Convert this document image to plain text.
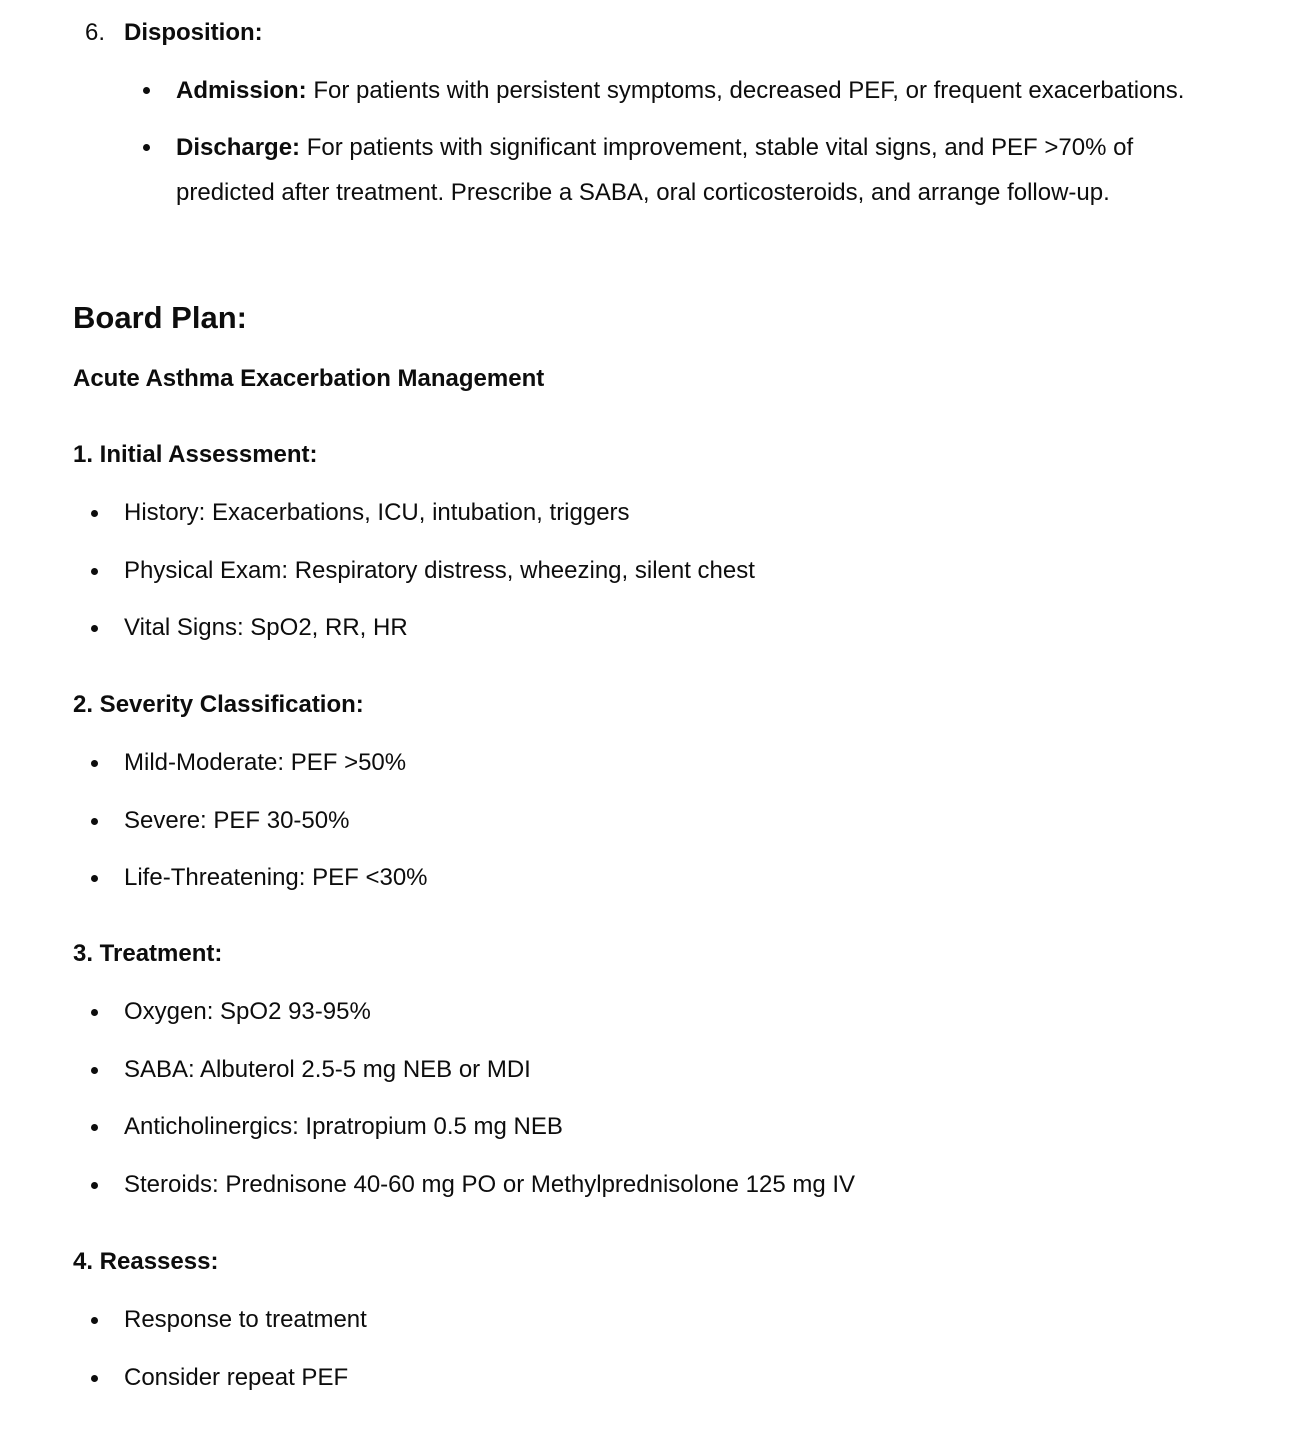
6. Disposition:

Admission: For patients with persistent symptoms, decreased PEF, or frequent exacerbations.
Discharge: For patients with significant improvement, stable vital signs, and PEF >70% of predicted after treatment. Prescribe a SABA, oral corticosteroids, and arrange follow-up.
Board Plan:

Acute Asthma Exacerbation Management

1. Initial Assessment:
History: Exacerbations, ICU, intubation, triggers
Physical Exam: Respiratory distress, wheezing, silent chest
Vital Signs: SpO2, RR, HR
2. Severity Classification:
Mild-Moderate: PEF >50%
Severe: PEF 30-50%
Life-Threatening: PEF <30%
3. Treatment:
Oxygen: SpO2 93-95%
SABA: Albuterol 2.5-5 mg NEB or MDI
Anticholinergics: Ipratropium 0.5 mg NEB
Steroids: Prednisone 40-60 mg PO or Methylprednisolone 125 mg IV
4. Reassess:
Response to treatment
Consider repeat PEF
